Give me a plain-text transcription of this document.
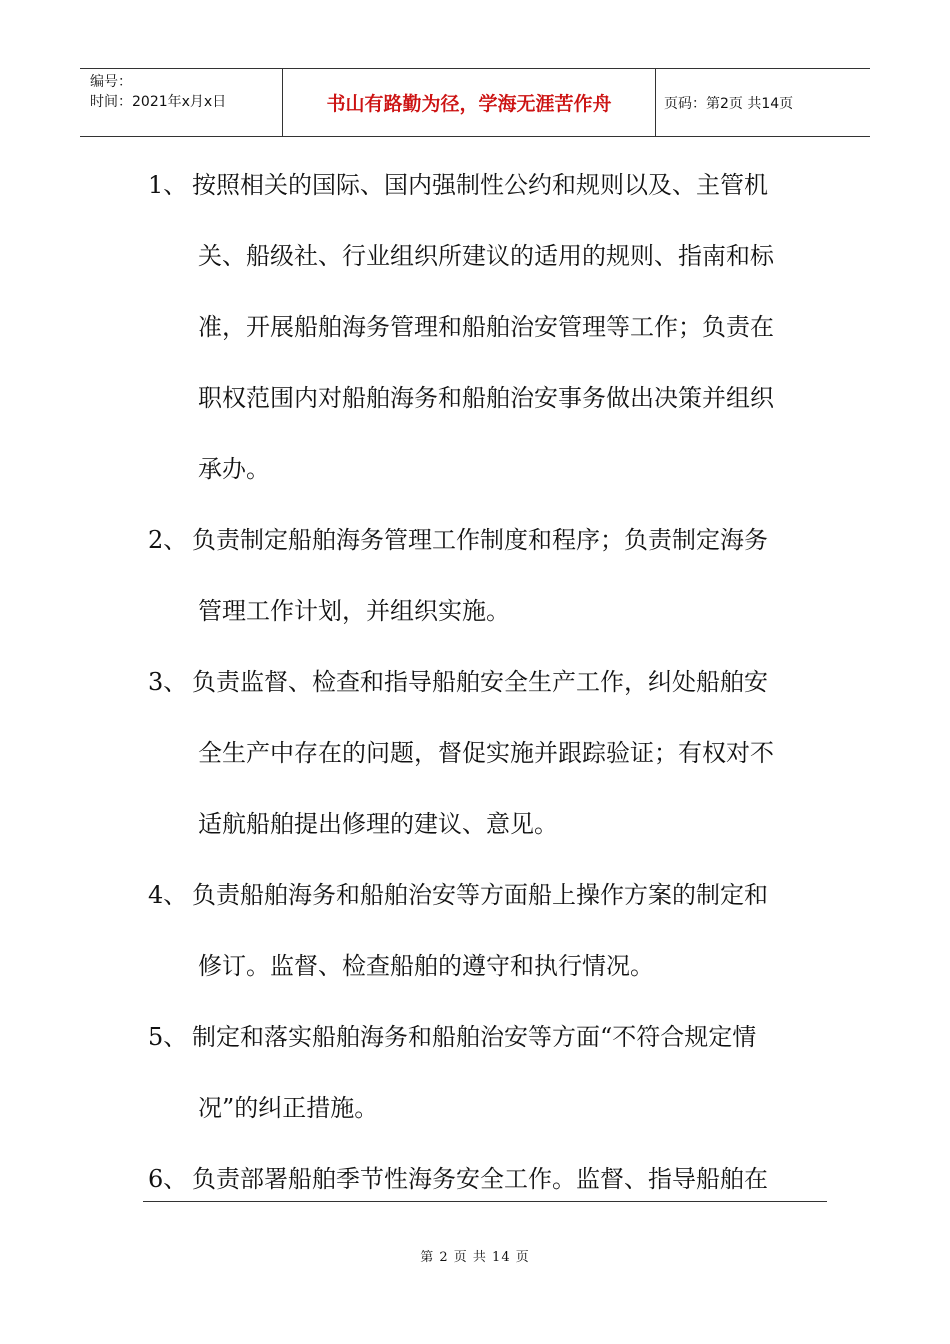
编号：
时间：2021年x月x日	书山有路勤为径，学海无涯苦作舟	页码：第2页 共14页
1、 按照相关的国际、国内强制性公约和规则以及、主管机
关、船级社、行业组织所建议的适用的规则、指南和标
准，开展船舶海务管理和船舶治安管理等工作；负责在
职权范围内对船舶海务和船舶治安事务做出决策并组织
承办。
2、 负责制定船舶海务管理工作制度和程序；负责制定海务
管理工作计划，并组织实施。
3、 负责监督、检查和指导船舶安全生产工作，纠处船舶安
全生产中存在的问题，督促实施并跟踪验证；有权对不
适航船舶提出修理的建议、意见。
4、 负责船舶海务和船舶治安等方面船上操作方案的制定和
修订。监督、检查船舶的遵守和执行情况。
5、 制定和落实船舶海务和船舶治安等方面“不符合规定情
况”的纠正措施。
6、 负责部署船舶季节性海务安全工作。监督、指导船舶在
第 2 页 共 14 页
